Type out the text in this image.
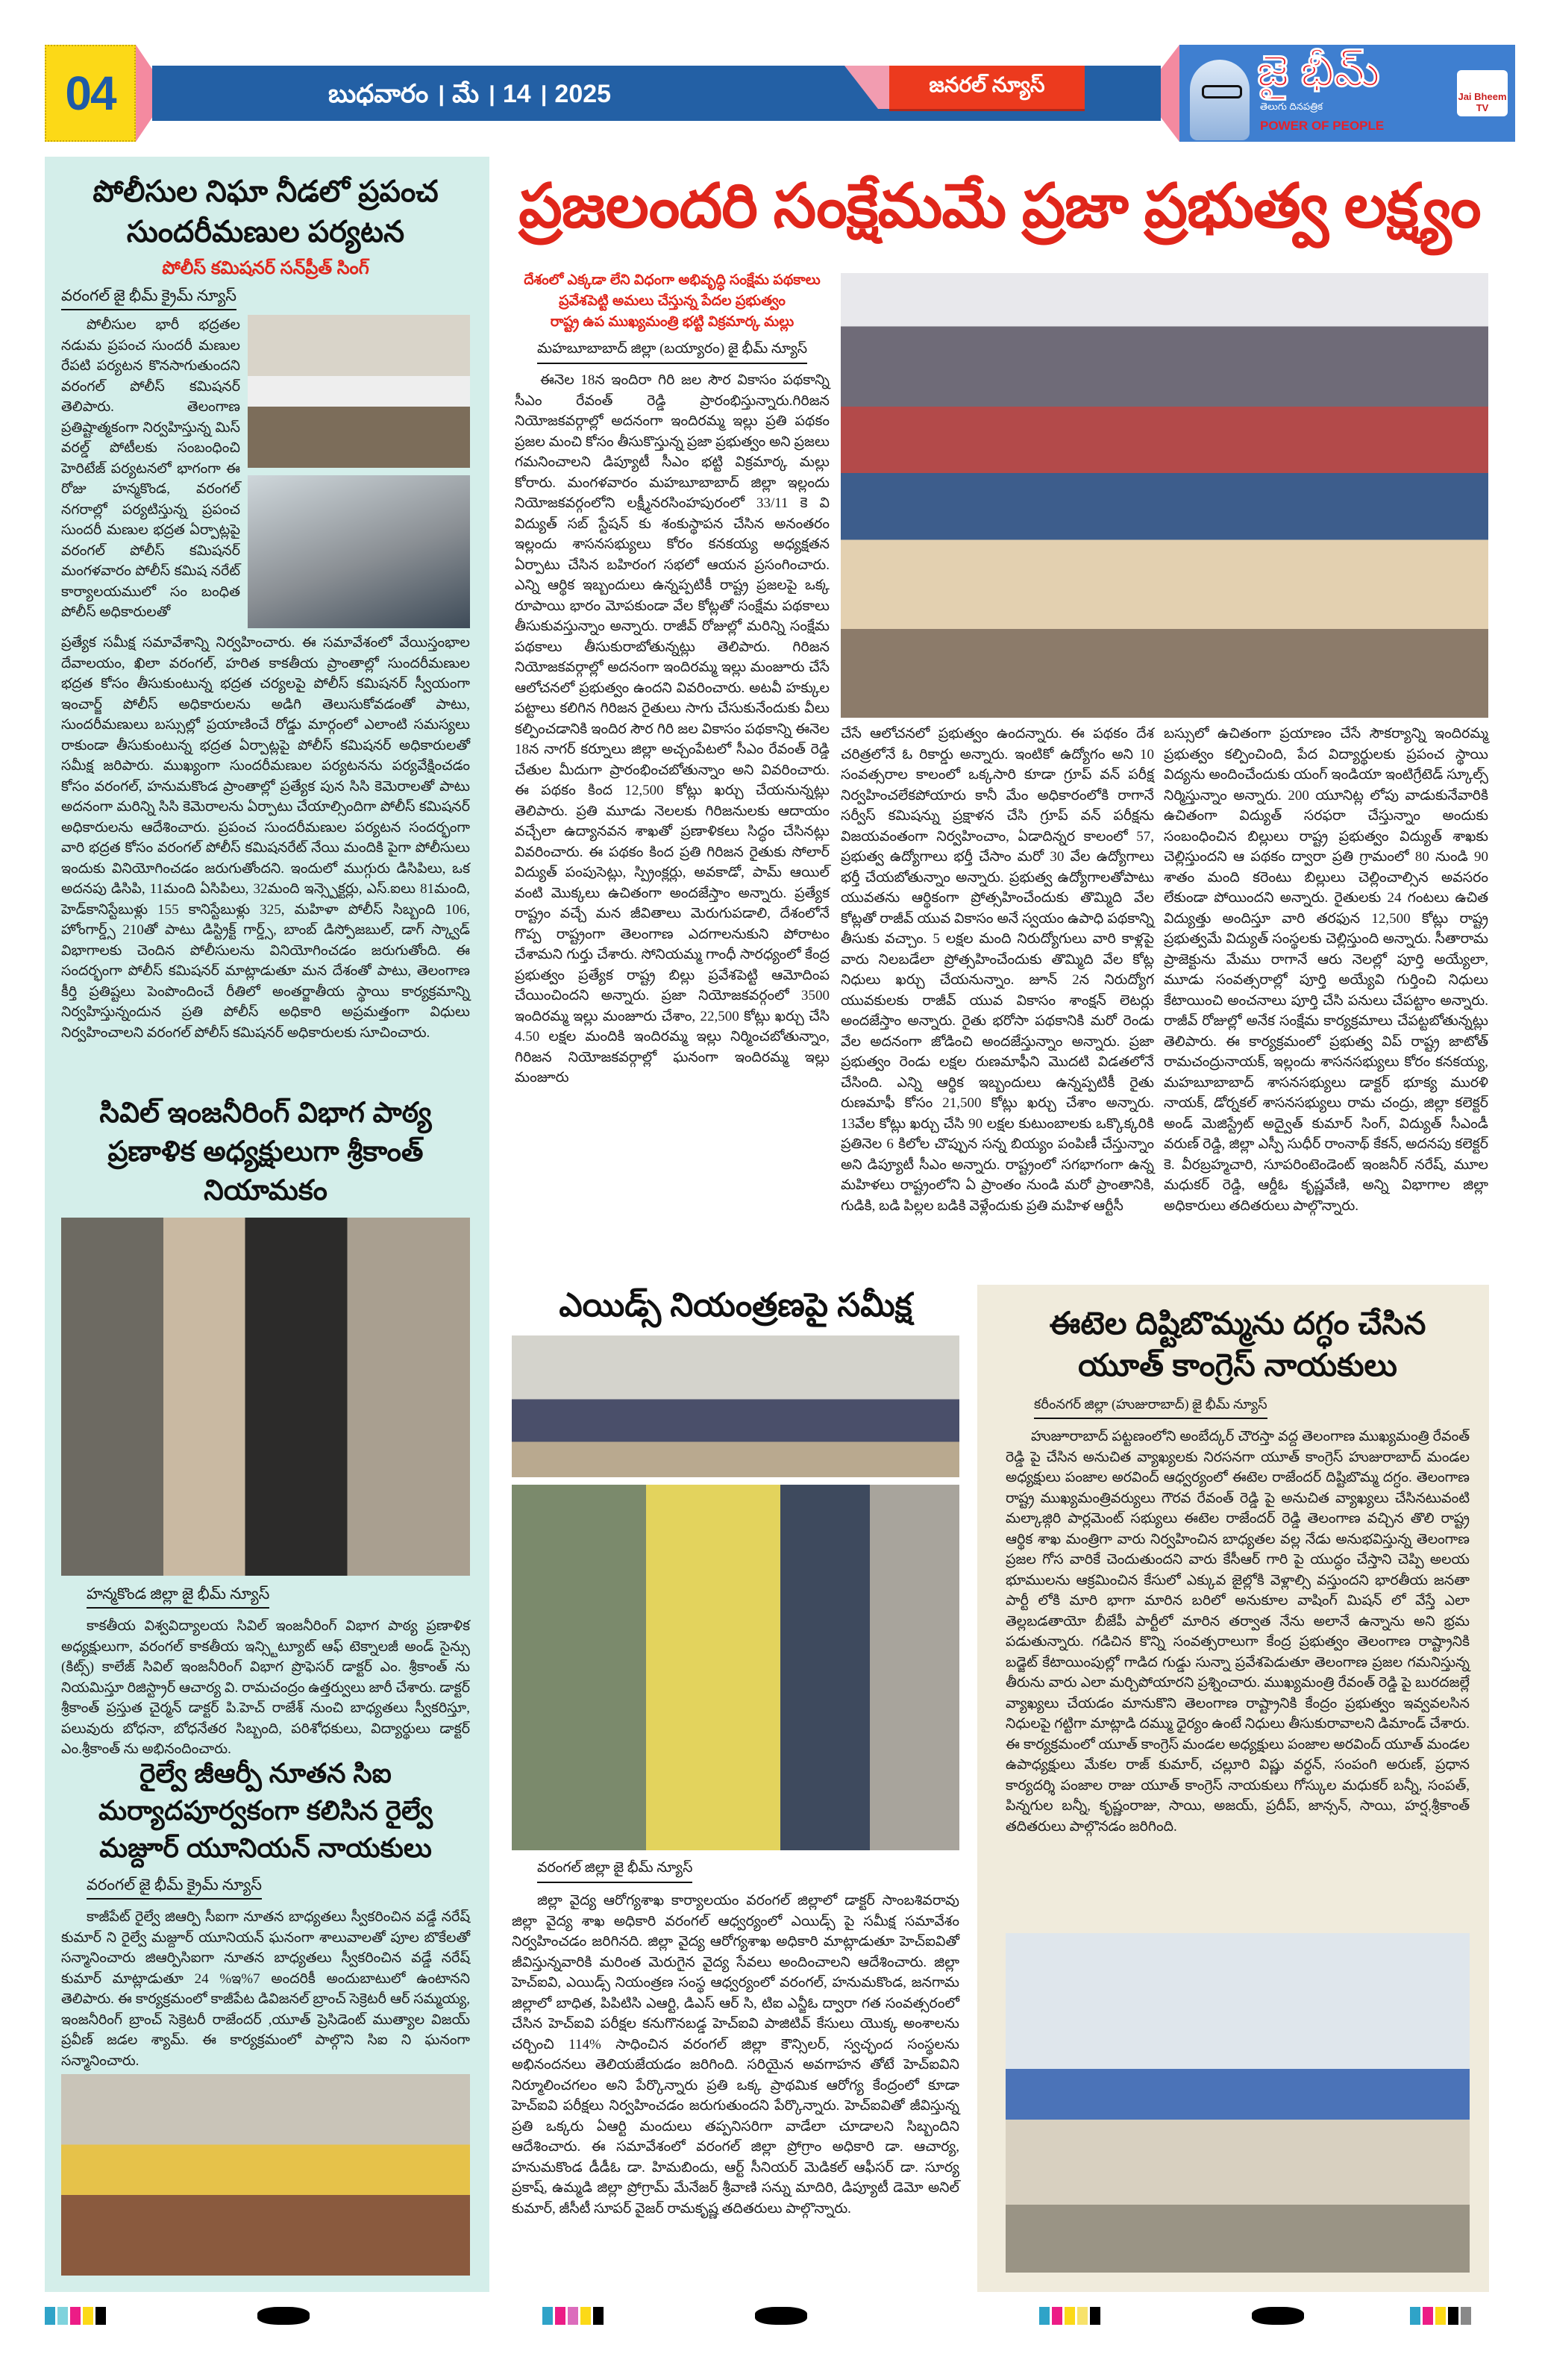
04	బుధవారం । మే । 14 । 2025	జనరల్ న్యూస్	జై భీమ్
తెలుగు దినపత్రిక
POWER OF PEOPLE
Jai Bheem TV
పోలీసుల నిఘా నీడలో ప్రపంచ సుందరీమణుల పర్యటన
పోలీస్ కమిషనర్ సన్‌ప్రీత్ సింగ్
వరంగల్ జై భీమ్ క్రైమ్ న్యూస్

పోలీసుల భారీ భద్రతల నడుమ ప్రపంచ సుందరీ మణుల రేపటి పర్యటన కొనసాగుతుందని వరంగల్ పోలీస్ కమిషనర్ తెలిపారు. తెలంగాణ ప్రతిష్టాత్మకంగా నిర్వహిస్తున్న మిస్ వరల్డ్ పోటీలకు సంబంధించి హెరిటేజ్ పర్యటనలో భాగంగా ఈ రోజు హన్మకొండ, వరంగల్ నగరాల్లో పర్యటిస్తున్న ప్రపంచ సుందరీ మణుల భద్రత ఏర్పాట్లపై వరంగల్ పోలీస్ కమిషనర్ మంగళవారం పోలీస్ కమిష నరేట్ కార్యాలయములో సం బంధిత పోలీస్ అధికారులతో

ప్రత్యేక సమీక్ష సమావేశాన్ని నిర్వహించారు. ఈ సమావేశంలో వేయిస్తంభాల దేవాలయం, ఖిలా వరంగల్, హరిత కాకతీయ ప్రాంతాల్లో సుందరీమణుల భద్రత కోసం తీసుకుంటున్న భద్రత చర్యలపై పోలీస్ కమిషనర్ స్వీయంగా ఇంచార్జ్ పోలీస్ అధికారులను అడిగి తెలుసుకోవడంతో పాటు, సుందరీమణులు బస్సుల్లో ప్రయాణించే రోడ్డు మార్గంలో ఎలాంటి సమస్యలు రాకుండా తీసుకుంటున్న భద్రత ఏర్పాట్లపై పోలీస్ కమిషనర్ అధికారులతో సమీక్ష జరిపారు. ముఖ్యంగా సుందరీమణుల పర్యటనను పర్యవేక్షించడం కోసం వరంగల్, హనుమకొండ ప్రాంతాల్లో ప్రత్యేక పున సిసి కెమెరాలతో పాటు అదనంగా మరిన్ని సిసి కెమెరాలను ఏర్పాటు చేయాల్సిందిగా పోలీస్ కమిషనర్ అధికారులను ఆదేశించారు. ప్రపంచ సుందరీమణుల పర్యటన సందర్భంగా వారి భద్రత కోసం వరంగల్ పోలీస్ కమిషనరేట్ నేయి మందికి పైగా పోలీసులు ఇందుకు వినియోగించడం జరుగుతోందని. ఇందులో ముగ్గురు డిసిపిలు, ఒక అదనపు డిసిపి, 11మంది ఏసిపిలు, 32మంది ఇన్స్పెక్టర్లు, ఎస్.ఐలు 81మంది, హెడ్‌కానిస్టేబుళ్లు 155 కానిస్టేబుళ్లు 325, మహిళా పోలీస్ సిబ్బంది 106, హోంగార్డ్స్ 210తో పాటు డిస్ట్రిక్ట్ గార్డ్స్, బాంబ్ డిస్పోజబుల్, డాగ్ స్క్వాడ్ విభాగాలకు చెందిన పోలీసులను వినియోగించడం జరుగుతోంది. ఈ సందర్భంగా పోలీస్ కమిషనర్ మాట్లాడుతూ మన దేశంతో పాటు, తెలంగాణ కీర్తి ప్రతిష్టలు పెంపొందించే రీతిలో అంతర్జాతీయ స్థాయి కార్యక్రమాన్ని నిర్వహిస్తున్నందున ప్రతి పోలీస్ అధికారి అప్రమత్తంగా విధులు నిర్వహించాలని వరంగల్ పోలీస్ కమిషనర్ అధికారులకు సూచించారు.

సివిల్ ఇంజనీరింగ్ విభాగ పాఠ్య ప్రణాళిక అధ్యక్షులుగా శ్రీకాంత్ నియామకం
హన్మకొండ జిల్లా జై భీమ్ న్యూస్

కాకతీయ విశ్వవిద్యాలయ సివిల్ ఇంజనీరింగ్ విభాగ పాఠ్య ప్రణాళిక అధ్యక్షులుగా, వరంగల్ కాకతీయ ఇన్స్టిట్యూట్ ఆఫ్ టెక్నాలజీ అండ్ సైన్సు (కిట్స్) కాలేజ్ సివిల్ ఇంజనీరింగ్ విభాగ ప్రొఫెసర్ డాక్టర్ ఎం. శ్రీకాంత్ ను నియమిస్తూ రిజిస్ట్రార్ ఆచార్య వి. రామచంద్రం ఉత్తర్వులు జారీ చేశారు. డాక్టర్ శ్రీకాంత్ ప్రస్తుత చైర్మన్ డాక్టర్ పి.హెచ్ రాజేశ్ నుంచి బాధ్యతలు స్వీకరిస్తూ, పలువురు బోధనా, బోధనేతర సిబ్బంది, పరిశోధకులు, విద్యార్థులు డాక్టర్ ఎం.శ్రీకాంత్ ను అభినందించారు.

రైల్వే జీఆర్పీ నూతన సిఐ మర్యాదపూర్వకంగా కలిసిన రైల్వే మజ్దూర్ యూనియన్ నాయకులు
వరంగల్ జై భీమ్ క్రైమ్ న్యూస్

కాజీపేట్ రైల్వే జిఆర్పి సీఐగా నూతన బాధ్యతలు స్వీకరించిన వడ్డే నరేష్ కుమార్ ని రైల్వే మజ్దూర్ యూనియన్ ఘనంగా శాలువాలతో పూల బొకేలతో సన్మానించారు జిఆర్పిసిఐగా నూతన బాధ్యతలు స్వీకరించిన వడ్డే నరేష్ కుమార్ మాట్లాడుతూ 24 %ఇ%7 అందరికీ అందుబాటులో ఉంటానని తెలిపారు. ఈ కార్యక్రమంలో కాజీపేట డివిజనల్ బ్రాంచ్ సెక్రెటరీ ఆర్ సమ్మయ్య, ఇంజనీరింగ్ బ్రాంచ్ సెక్రెటరీ రాజేందర్ ,యూత్ ప్రెసిడెంట్ ముత్యాల విజయ్ ప్రవీణ్ జడల శ్యామ్. ఈ కార్యక్రమంలో పాల్గొని సిఐ ని ఘనంగా సన్మానించారు.

ప్రజలందరి సంక్షేమమే ప్రజా ప్రభుత్వ లక్ష్యం
దేశంలో ఎక్కడా లేని విధంగా అభివృద్ధి సంక్షేమ పథకాలు
ప్రవేశపెట్టి అమలు చేస్తున్న పేదల ప్రభుత్వం
రాష్ట్ర ఉప ముఖ్యమంత్రి భట్టి విక్రమార్క మల్లు
మహబూబాబాద్ జిల్లా (బయ్యారం) జై భీమ్ న్యూస్

ఈనెల 18న ఇందిరా గిరి జల సౌర వికాసం పథకాన్ని సీఎం రేవంత్ రెడ్డి ప్రారంభిస్తున్నారు.గిరిజన నియోజకవర్గాల్లో అదనంగా ఇందిరమ్మ ఇల్లు ప్రతి పథకం ప్రజల మంచి కోసం తీసుకొస్తున్న ప్రజా ప్రభుత్వం అని ప్రజలు గమనించాలని డిప్యూటీ సీఎం భట్టి విక్రమార్క మల్లు కోరారు. మంగళవారం మహబూబాబాద్ జిల్లా ఇల్లందు నియోజకవర్గంలోని లక్ష్మీనరసింహపురంలో 33/11 కె వి విద్యుత్ సబ్ స్టేషన్ కు శంకుస్థాపన చేసిన అనంతరం ఇల్లందు శాసనసభ్యులు కోరం కనకయ్య అధ్యక్షతన ఏర్పాటు చేసిన బహిరంగ సభలో ఆయన ప్రసంగించారు. ఎన్ని ఆర్థిక ఇబ్బందులు ఉన్నప్పటికీ రాష్ట్ర ప్రజలపై ఒక్క రూపాయి భారం మోపకుండా వేల కోట్లతో సంక్షేమ పథకాలు తీసుకువస్తున్నాం అన్నారు. రాజీవ్ రోజుల్లో మరిన్ని సంక్షేమ పథకాలు తీసుకురాబోతున్నట్లు తెలిపారు. గిరిజన నియోజకవర్గాల్లో అదనంగా ఇందిరమ్మ ఇల్లు మంజూరు చేసే ఆలోచనలో ప్రభుత్వం ఉందని వివరించారు. అటవీ హక్కుల పట్టాలు కలిగిన గిరిజన రైతులు సాగు చేసుకునేందుకు వీలు కల్పించడానికి ఇందిర సౌర గిరి జల వికాసం పథకాన్ని ఈనెల 18న నాగర్ కర్నూలు జిల్లా అచ్చంపేటలో సీఎం రేవంత్ రెడ్డి చేతుల మీదుగా ప్రారంభించబోతున్నాం అని వివరించారు. ఈ పథకం కింద 12,500 కోట్లు ఖర్చు చేయనున్నట్లు తెలిపారు. ప్రతి మూడు నెలలకు గిరిజనులకు ఆదాయం వచ్చేలా ఉద్యానవన శాఖతో ప్రణాళికలు సిద్ధం చేసినట్లు వివరించారు. ఈ పథకం కింద ప్రతి గిరిజన రైతుకు సోలార్ విద్యుత్ పంపుసెట్లు, స్ప్రింక్లర్లు, అవకాడో, పామ్ ఆయిల్ వంటి మొక్కలు ఉచితంగా అందజేస్తాం అన్నారు. ప్రత్యేక రాష్ట్రం వచ్చే మన జీవితాలు మెరుగుపడాలి, దేశంలోనే గొప్ప రాష్ట్రంగా తెలంగాణ ఎదగాలనుకుని పోరాటం చేశామని గుర్తు చేశారు. సోనియమ్మ గాంధీ సారధ్యంలో కేంద్ర ప్రభుత్వం ప్రత్యేక రాష్ట్ర బిల్లు ప్రవేశపెట్టి ఆమోదింప చేయించిందని అన్నారు. ప్రజా నియోజకవర్గంలో 3500 ఇందిరమ్మ ఇల్లు మంజూరు చేశాం, 22,500 కోట్లు ఖర్చు చేసి 4.50 లక్షల మందికి ఇందిరమ్మ ఇల్లు నిర్మించబోతున్నాం, గిరిజన నియోజకవర్గాల్లో ఘనంగా ఇందిరమ్మ ఇల్లు మంజూరు

చేసే ఆలోచనలో ప్రభుత్వం ఉందన్నారు. ఈ పథకం దేశ చరిత్రలోనే ఓ రికార్డు అన్నారు. ఇంటికో ఉద్యోగం అని 10 సంవత్సరాల కాలంలో ఒక్కసారి కూడా గ్రూప్ వన్ పరీక్ష నిర్వహించలేకపోయారు కానీ మేం అధికారంలోకి రాగానే సర్వీస్ కమిషన్ను ప్రక్షాళన చేసి గ్రూప్ వన్ పరీక్షను విజయవంతంగా నిర్వహించాం, ఏడాదిన్నర కాలంలో 57, ప్రభుత్వ ఉద్యోగాలు భర్తీ చేసాం మరో 30 వేల ఉద్యోగాలు భర్తీ చేయబోతున్నాం అన్నారు. ప్రభుత్వ ఉద్యోగాలతోపాటు యువతను ఆర్థికంగా ప్రోత్సహించేందుకు తొమ్మిది వేల కోట్లతో రాజీవ్ యువ వికాసం అనే స్వయం ఉపాధి పథకాన్ని తీసుకు వచ్చాం. 5 లక్షల మంది నిరుద్యోగులు వారి కాళ్లపై వారు నిలబడేలా ప్రోత్సహించేందుకు తొమ్మిది వేల కోట్ల నిధులు ఖర్చు చేయనున్నాం. జూన్ 2న నిరుద్యోగ యువకులకు రాజీవ్ యువ వికాసం శాంక్షన్ లెటర్లు అందజేస్తాం అన్నారు. రైతు భరోసా పథకానికి మరో రెండు వేల అదనంగా జోడించి అందజేస్తున్నాం అన్నారు. ప్రజా ప్రభుత్వం రెండు లక్షల రుణమాఫీని మొదటి విడతలోనే చేసింది. ఎన్ని ఆర్థిక ఇబ్బందులు ఉన్నప్పటికీ రైతు రుణమాఫీ కోసం 21,500 కోట్లు ఖర్చు చేశాం అన్నారు. 13వేల కోట్లు ఖర్చు చేసి 90 లక్షల కుటుంబాలకు ఒక్కొక్కరికి ప్రతినెల 6 కిలోల చొప్పున సన్న బియ్యం పంపిణీ చేస్తున్నాం అని డిప్యూటీ సీఎం అన్నారు. రాష్ట్రంలో సగభాగంగా ఉన్న మహిళలు రాష్ట్రంలోని ఏ ప్రాంతం నుండి మరో ప్రాంతానికి, గుడికి, బడి పిల్లల బడికి వెళ్లేందుకు ప్రతి మహిళ ఆర్టీసీ

బస్సులో ఉచితంగా ప్రయాణం చేసే సౌకర్యాన్ని ఇందిరమ్మ ప్రభుత్వం కల్పించింది, పేద విద్యార్థులకు ప్రపంచ స్థాయి విద్యను అందించేందుకు యంగ్ ఇండియా ఇంటిగ్రేటెడ్ స్కూల్స్ నిర్మిస్తున్నాం అన్నారు. 200 యూనిట్ల లోపు వాడుకునేవారికి ఉచితంగా విద్యుత్ సరఫరా చేస్తున్నాం అందుకు సంబంధించిన బిల్లులు రాష్ట్ర ప్రభుత్వం విద్యుత్ శాఖకు చెల్లిస్తుందని ఆ పథకం ద్వారా ప్రతి గ్రామంలో 80 నుండి 90 శాతం మంది కరెంటు బిల్లులు చెల్లించాల్సిన అవసరం లేకుండా పోయిందని అన్నారు. రైతులకు 24 గంటలు ఉచిత విద్యుత్తు అందిస్తూ వారి తరఫున 12,500 కోట్లు రాష్ట్ర ప్రభుత్వమే విద్యుత్ సంస్థలకు చెల్లిస్తుంది అన్నారు. సీతారామ ప్రాజెక్టును మేము రాగానే ఆరు నెలల్లో పూర్తి అయ్యేలా, మూడు సంవత్సరాల్లో పూర్తి అయ్యేవి గుర్తించి నిధులు కేటాయించి అంచనాలు పూర్తి చేసి పనులు చేపట్టాం అన్నారు. రాజీవ్ రోజుల్లో అనేక సంక్షేమ కార్యక్రమాలు చేపట్టబోతున్నట్లు తెలిపారు. ఈ కార్యక్రమంలో ప్రభుత్వ విప్ రాష్ట్ర జాటోత్ రామచంద్రునాయక్, ఇల్లందు శాసనసభ్యులు కోరం కనకయ్య, మహబూబాబాద్ శాసనసభ్యులు డాక్టర్ భూక్య మురళి నాయక్, డోర్నకల్ శాసనసభ్యులు రామ చంద్రు, జిల్లా కలెక్టర్ అండ్ మెజిస్ట్రేట్ అద్వైత్ కుమార్ సింగ్, విద్యుత్ సీఎండీ వరుణ్ రెడ్డి, జిల్లా ఎస్పీ సుధీర్ రాంనాథ్ కేకన్, అదనపు కలెక్టర్ కె. వీరబ్రహ్మచారి, సూపరింటెండెంట్ ఇంజనీర్ నరేష్, మూల మధుకర్ రెడ్డి, ఆర్డీఓ కృష్ణవేణి, అన్ని విభాగాల జిల్లా అధికారులు తదితరులు పాల్గొన్నారు.

ఎయిడ్స్ నియంత్రణపై సమీక్ష
వరంగల్ జిల్లా జై భీమ్ న్యూస్

జిల్లా వైద్య ఆరోగ్యశాఖ కార్యాలయం వరంగల్ జిల్లాలో డాక్టర్ సాంబశివరావు జిల్లా వైద్య శాఖ అధికారి వరంగల్ ఆధ్వర్యంలో ఎయిడ్స్ పై సమీక్ష సమావేశం నిర్వహించడం జరిగినది. జిల్లా వైద్య ఆరోగ్యశాఖ అధికారి మాట్లాడుతూ హెచ్ఐవితో జీవిస్తున్నవారికి మరింత మెరుగైన వైద్య సేవలు అందించాలని ఆదేశించారు. జిల్లా హెచ్ఐవి, ఎయిడ్స్ నియంత్రణ సంస్థ ఆధ్వర్యంలో వరంగల్, హనుమకొండ, జనగామ జిల్లాలో బాధిత, పిపిటిసి ఎఆర్టి, డిఎస్ ఆర్ సి, టిఐ ఎన్జీఓ ద్వారా గత సంవత్సరంలో చేసిన హెచ్ఐవి పరీక్షల కనుగొనబడ్డ హెచ్ఐవి పాజిటివ్ కేసులు యొక్క అంశాలను చర్చించి 114% సాధించిన వరంగల్ జిల్లా కౌన్సిలర్, స్వచ్ఛంద సంస్థలను అభినందనలు తెలియజేయడం జరిగింది. సరియైన అవగాహన తోటే హెచ్ఐవిని నిర్మూలించగలం అని పేర్కొన్నారు ప్రతి ఒక్క ప్రాథమిక ఆరోగ్య కేంద్రంలో కూడా హెచ్ఐవి పరీక్షలు నిర్వహించడం జరుగుతుందని పేర్కొన్నారు. హెచ్ఐవితో జీవిస్తున్న ప్రతి ఒక్కరు ఏఆర్టి మందులు తప్పనిసరిగా వాడేలా చూడాలని సిబ్బందిని ఆదేశించారు. ఈ సమావేశంలో వరంగల్ జిల్లా ప్రోగ్రాం అధికారి డా. ఆచార్య, హనుమకొండ డీడీఓ డా. హిమబిందు, ఆర్ట్ సీనియర్ మెడికల్ ఆఫీసర్ డా. సూర్య ప్రకాష్, ఉమ్మడి జిల్లా ప్రోగ్రామ్ మేనేజర్ శ్రీవాణి సన్ను మాదిరి, డిప్యూటీ డెమో అనిల్ కుమార్, జీసీటీ సూపర్ వైజర్ రామకృష్ణ తదితరులు పాల్గొన్నారు.

ఈటెల దిష్టిబొమ్మను దగ్ధం చేసిన యూత్ కాంగ్రెస్ నాయకులు
కరీంనగర్ జిల్లా (హుజురాబాద్) జై భీమ్ న్యూస్

హుజూరాబాద్ పట్టణంలోని అంబేద్కర్ చౌరస్తా వద్ద తెలంగాణ ముఖ్యమంత్రి రేవంత్ రెడ్డి పై చేసిన అనుచిత వ్యాఖ్యలకు నిరసనగా యూత్ కాంగ్రెస్ హుజురాబాద్ మండల అధ్యక్షులు పంజాల అరవింద్ ఆధ్వర్యంలో ఈటెల రాజేందర్ దిష్టిబొమ్మ దగ్ధం. తెలంగాణ రాష్ట్ర ముఖ్యమంత్రివర్యులు గౌరవ రేవంత్ రెడ్డి పై అనుచిత వ్యాఖ్యలు చేసినటువంటి మల్కాజ్గిరి పార్లమెంట్ సభ్యులు ఈటెల రాజేందర్ రెడ్డి తెలంగాణ వచ్చిన తొలి రాష్ట్ర ఆర్థిక శాఖ మంత్రిగా వారు నిర్వహించిన బాధ్యతల వల్ల నేడు అనుభవిస్తున్న తెలంగాణ ప్రజల గోస వారికే చెందుతుందని వారు కేసీఆర్ గారి పై యుద్ధం చేస్తాని చెప్పి అలయ భూములను ఆక్రమించిన కేసులో ఎక్కువ జైల్లోకి వెళ్లాల్సి వస్తుందని భారతీయ జనతా పార్టీ లోకి మారి భాగా మారిన బరిలో అనుకూల వాషింగ్ మిషన్ లో వేస్తే ఎలా తెల్లబడతాయో బీజేపీ పార్టీలో మారిన తర్వాత నేను అలానే ఉన్నాను అని భ్రమ పడుతున్నారు. గడిచిన కొన్ని సంవత్సరాలుగా కేంద్ర ప్రభుత్వం తెలంగాణ రాష్ట్రానికి బడ్జెట్ కేటాయింపుల్లో గాడిద గుడ్డు సున్నా ప్రవేశపెడుతూ తెలంగాణ ప్రజల గమనిస్తున్న తీరును వారు ఎలా మర్చిపోయారని ప్రశ్నించారు. ముఖ్యమంత్రి రేవంత్ రెడ్డి పై బురదజల్లే వ్యాఖ్యలు చేయడం మానుకొని తెలంగాణ రాష్ట్రానికి కేంద్రం ప్రభుత్వం ఇవ్వవలసిన నిధులపై గట్టిగా మాట్లాడి దమ్ము ధైర్యం ఉంటే నిధులు తీసుకురావాలని డిమాండ్ చేశారు. ఈ కార్యక్రమంలో యూత్ కాంగ్రెస్ మండల అధ్యక్షులు పంజాల అరవింద్ యూత్ మండల ఉపాధ్యక్షులు మేకల రాజ్ కుమార్, చల్లూరి విష్ణు వర్ధన్, సంపంగి అరుణ్, ప్రధాన కార్యదర్శి పంజాల రాజు యూత్ కాంగ్రెస్ నాయకులు గోస్కుల మధుకర్ బన్నీ, సంపత్, పిన్నగుల బన్నీ, కృష్ణంరాజు, సాయి, అజయ్, ప్రదీప్, జాన్సన్, సాయి, హర్ష,శ్రీకాంత్ తదితరులు పాల్గొనడం జరిగింది.
